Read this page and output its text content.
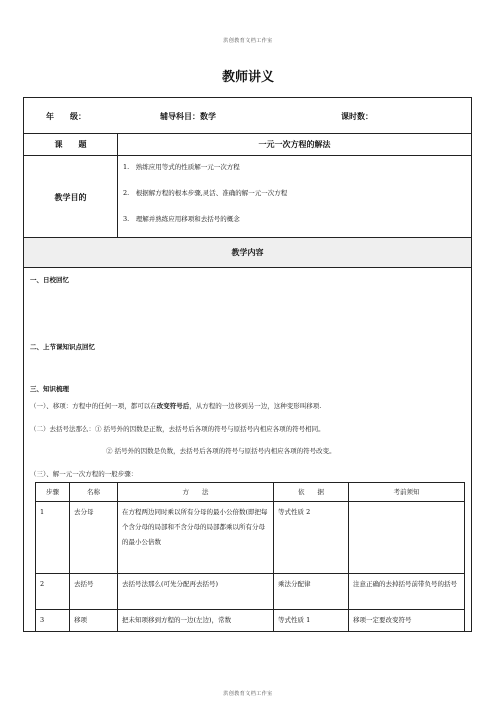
洪创教育文档工作室
教师讲义
年　　级：	辅导科目：数学	课时数：
课　　题	一元一次方程的解法
教学目的
1.　熟练应用等式的性质解一元一次方程
2.　根据解方程的根本步骤,灵活、准确的解一元一次方程
3.　理解并熟练应用移项和去括号的概念
教学内容
一、日校回忆
二、上节课知识点回忆
三、知识梳理
（一）、移项：方程中的任何一项，都可以在改变符号后，从方程的一边移到另一边，这种变形叫移项.
（二）去括号法那么：① 括号外的因数是正数，去括号后各项的符号与原括号内相应各项的符号相同。
② 括号外的因数是负数，去括号后各项的符号与原括号内相应各项的符号改变。
（三）、解一元一次方程的一般步骤：
步骤	名称	方　　法	依　　据	考前须知
1	去分母	在方程两边同时乘以所有分母的最小公倍数(即把每个含分母的局部和不含分母的局部都乘以所有分母的最小公倍数	等式性质 2	
2	去括号	去括号法那么(可先分配再去括号)	乘法分配律	注意正确的去掉括号前带负号的括号
3	移项	把未知项移到方程的一边(左边)，常数	等式性质 1	移项一定要改变符号
洪创教育文档工作室
